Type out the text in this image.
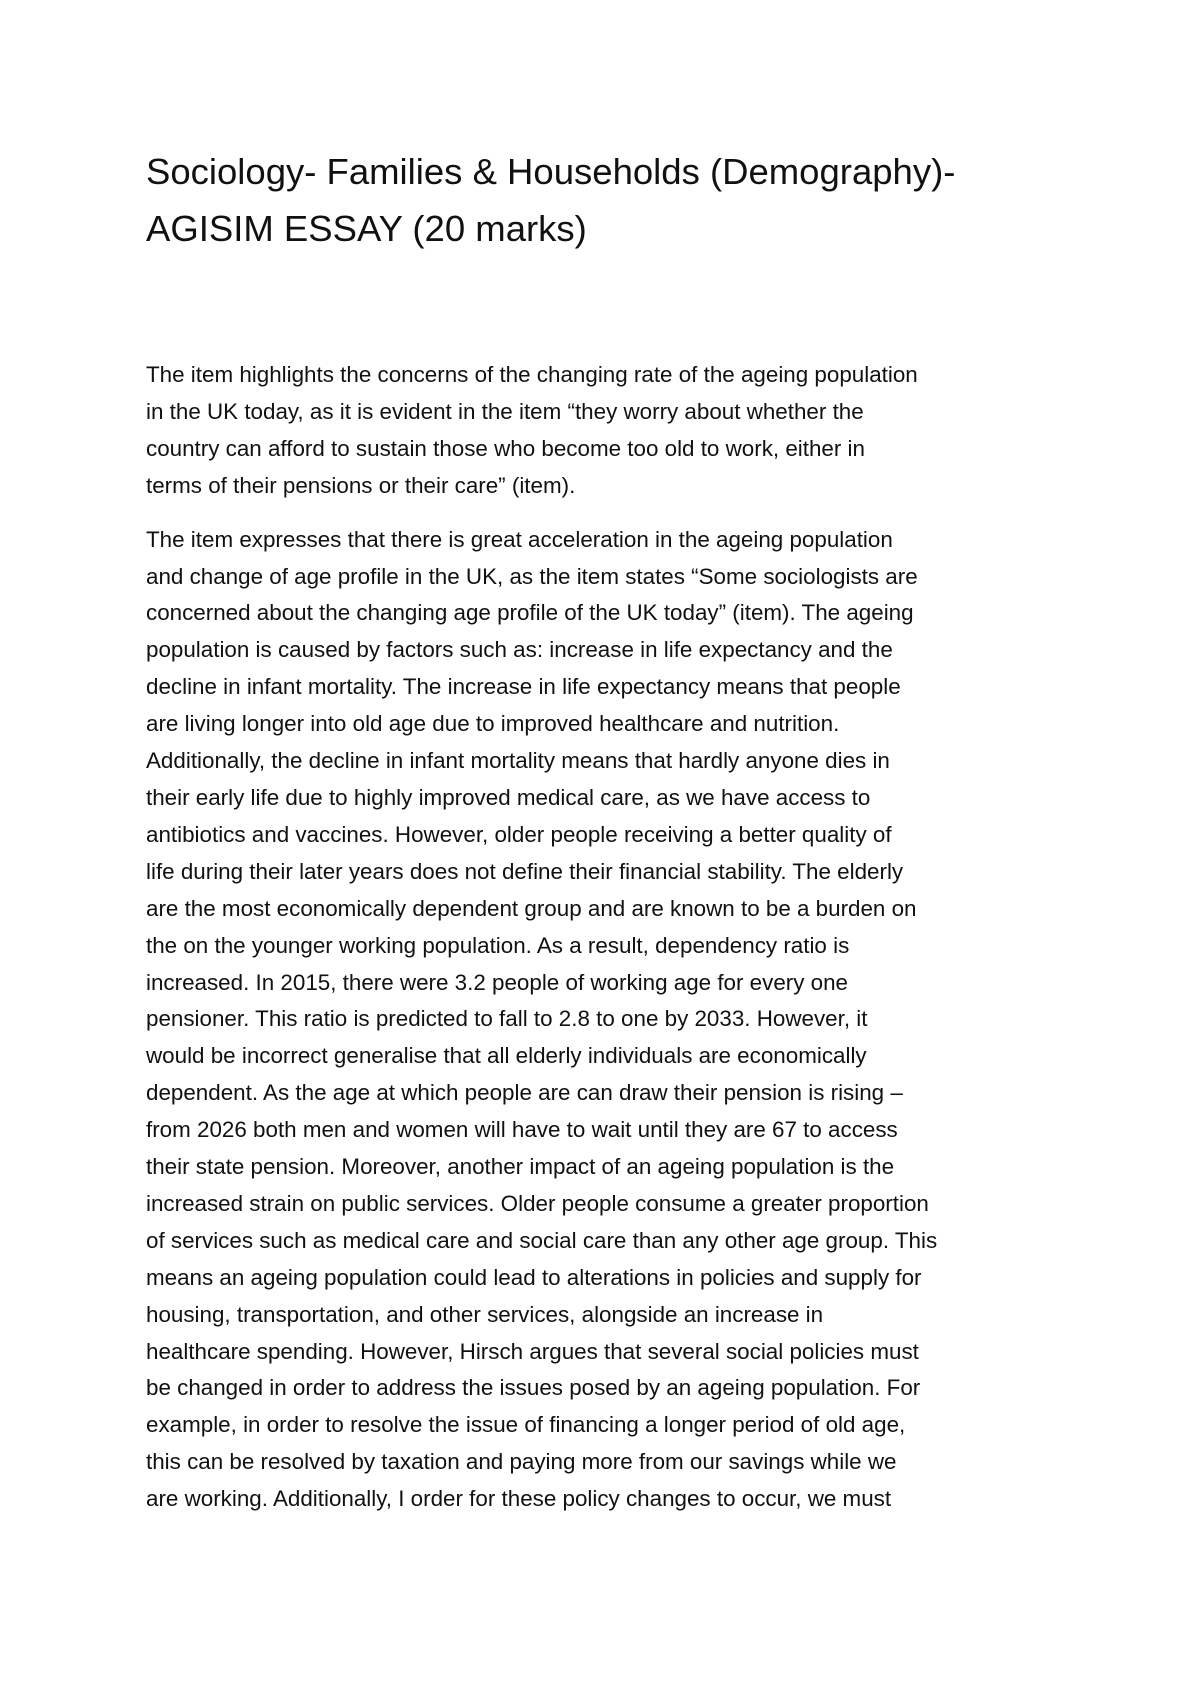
Sociology- Families & Households (Demography)-
AGISIM ESSAY (20 marks)

The item highlights the concerns of the changing rate of the ageing population
in the UK today, as it is evident in the item “they worry about whether the
country can afford to sustain those who become too old to work, either in
terms of their pensions or their care” (item).

The item expresses that there is great acceleration in the ageing population
and change of age profile in the UK, as the item states “Some sociologists are
concerned about the changing age profile of the UK today” (item). The ageing
population is caused by factors such as: increase in life expectancy and the
decline in infant mortality. The increase in life expectancy means that people
are living longer into old age due to improved healthcare and nutrition.
Additionally, the decline in infant mortality means that hardly anyone dies in
their early life due to highly improved medical care, as we have access to
antibiotics and vaccines. However, older people receiving a better quality of
life during their later years does not define their financial stability. The elderly
are the most economically dependent group and are known to be a burden on
the on the younger working population. As a result, dependency ratio is
increased. In 2015, there were 3.2 people of working age for every one
pensioner. This ratio is predicted to fall to 2.8 to one by 2033. However, it
would be incorrect generalise that all elderly individuals are economically
dependent. As the age at which people are can draw their pension is rising –
from 2026 both men and women will have to wait until they are 67 to access
their state pension. Moreover, another impact of an ageing population is the
increased strain on public services. Older people consume a greater proportion
of services such as medical care and social care than any other age group. This
means an ageing population could lead to alterations in policies and supply for
housing, transportation, and other services, alongside an increase in
healthcare spending. However, Hirsch argues that several social policies must
be changed in order to address the issues posed by an ageing population. For
example, in order to resolve the issue of financing a longer period of old age,
this can be resolved by taxation and paying more from our savings while we
are working. Additionally, I order for these policy changes to occur, we must
